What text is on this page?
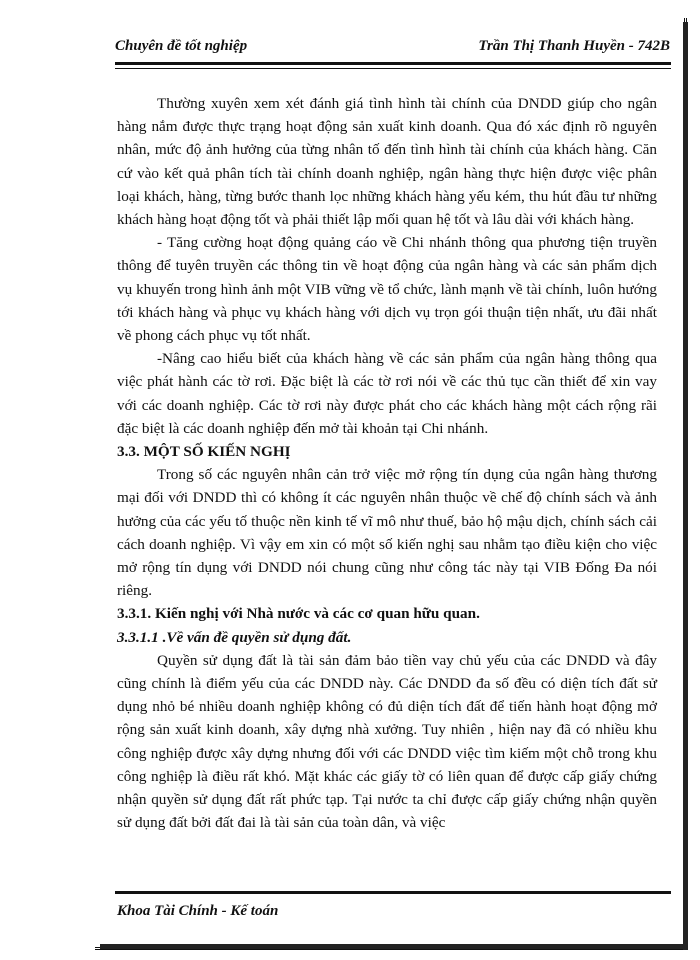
Chuyên đề tốt nghiệp	Trần Thị Thanh Huyền - 742B

Thường xuyên xem xét đánh giá tình hình tài chính của DNDD giúp cho ngân hàng nắm được thực trạng hoạt động sản xuất kinh doanh. Qua đó xác định rõ nguyên nhân, mức độ ảnh hưởng của từng nhân tố đến tình hình tài chính của khách hàng. Căn cứ vào kết quả phân tích tài chính doanh nghiệp, ngân hàng thực hiện được việc phân loại khách, hàng, từng bước thanh lọc những khách hàng yếu kém, thu hút đầu tư những khách hàng hoạt động tốt và phải thiết lập mối quan hệ tốt và lâu dài với khách hàng.

- Tăng cường hoạt động quảng cáo về Chi nhánh thông qua phương tiện truyền thông để tuyên truyền các thông tin về hoạt động của ngân hàng và các sản phẩm dịch vụ khuyến trong hình ảnh một VIB vững về tổ chức, lành mạnh về tài chính, luôn hướng tới khách hàng và phục vụ khách hàng với dịch vụ trọn gói thuận tiện nhất, ưu đãi nhất về phong cách phục vụ tốt nhất.

-Nâng cao hiểu biết của khách hàng về các sản phẩm của ngân hàng thông qua việc phát hành các tờ rơi. Đặc biệt là các tờ rơi nói về các thủ tục cần thiết để xin vay với các doanh nghiệp. Các tờ rơi này được phát cho các khách hàng một cách rộng rãi đặc biệt là các doanh nghiệp đến mở tài khoản tại Chi nhánh.

3.3. MỘT SỐ KIẾN NGHỊ

Trong số các nguyên nhân cản trở việc mở rộng tín dụng của ngân hàng thương mại đối với DNDD thì có không ít các nguyên nhân thuộc về chế độ chính sách và ảnh hưởng của các yếu tố thuộc nền kinh tế vĩ mô như thuế, bảo hộ mậu dịch, chính sách cải cách doanh nghiệp. Vì vậy em xin có một số kiến nghị sau nhằm tạo điều kiện cho việc mở rộng tín dụng với DNDD nói chung cũng như công tác này tại VIB Đống Đa nói riêng.

3.3.1. Kiến nghị với Nhà nước và các cơ quan hữu quan.

3.3.1.1 .Về vấn đề quyền sử dụng đất.

Quyền sử dụng đất là tài sản đảm bảo tiền vay chủ yếu của các DNDD và đây cũng chính là điểm yếu của các DNDD này. Các DNDD đa số đều có diện tích đất sử dụng nhỏ bé nhiều doanh nghiệp không có đủ diện tích đất để tiến hành hoạt động mở rộng sản xuất kinh doanh, xây dựng nhà xưởng. Tuy nhiên , hiện nay đã có nhiều khu công nghiệp được xây dựng nhưng đối với các DNDD việc tìm kiếm một chỗ trong khu công nghiệp là điều rất khó. Mặt khác các giấy tờ có liên quan để được cấp giấy chứng nhận quyền sử dụng đất rất phức tạp. Tại nước ta chỉ được cấp giấy chứng nhận quyền sử dụng đất bởi đất đai là tài sản của toàn dân, và việc

Khoa Tài Chính - Kế toán
